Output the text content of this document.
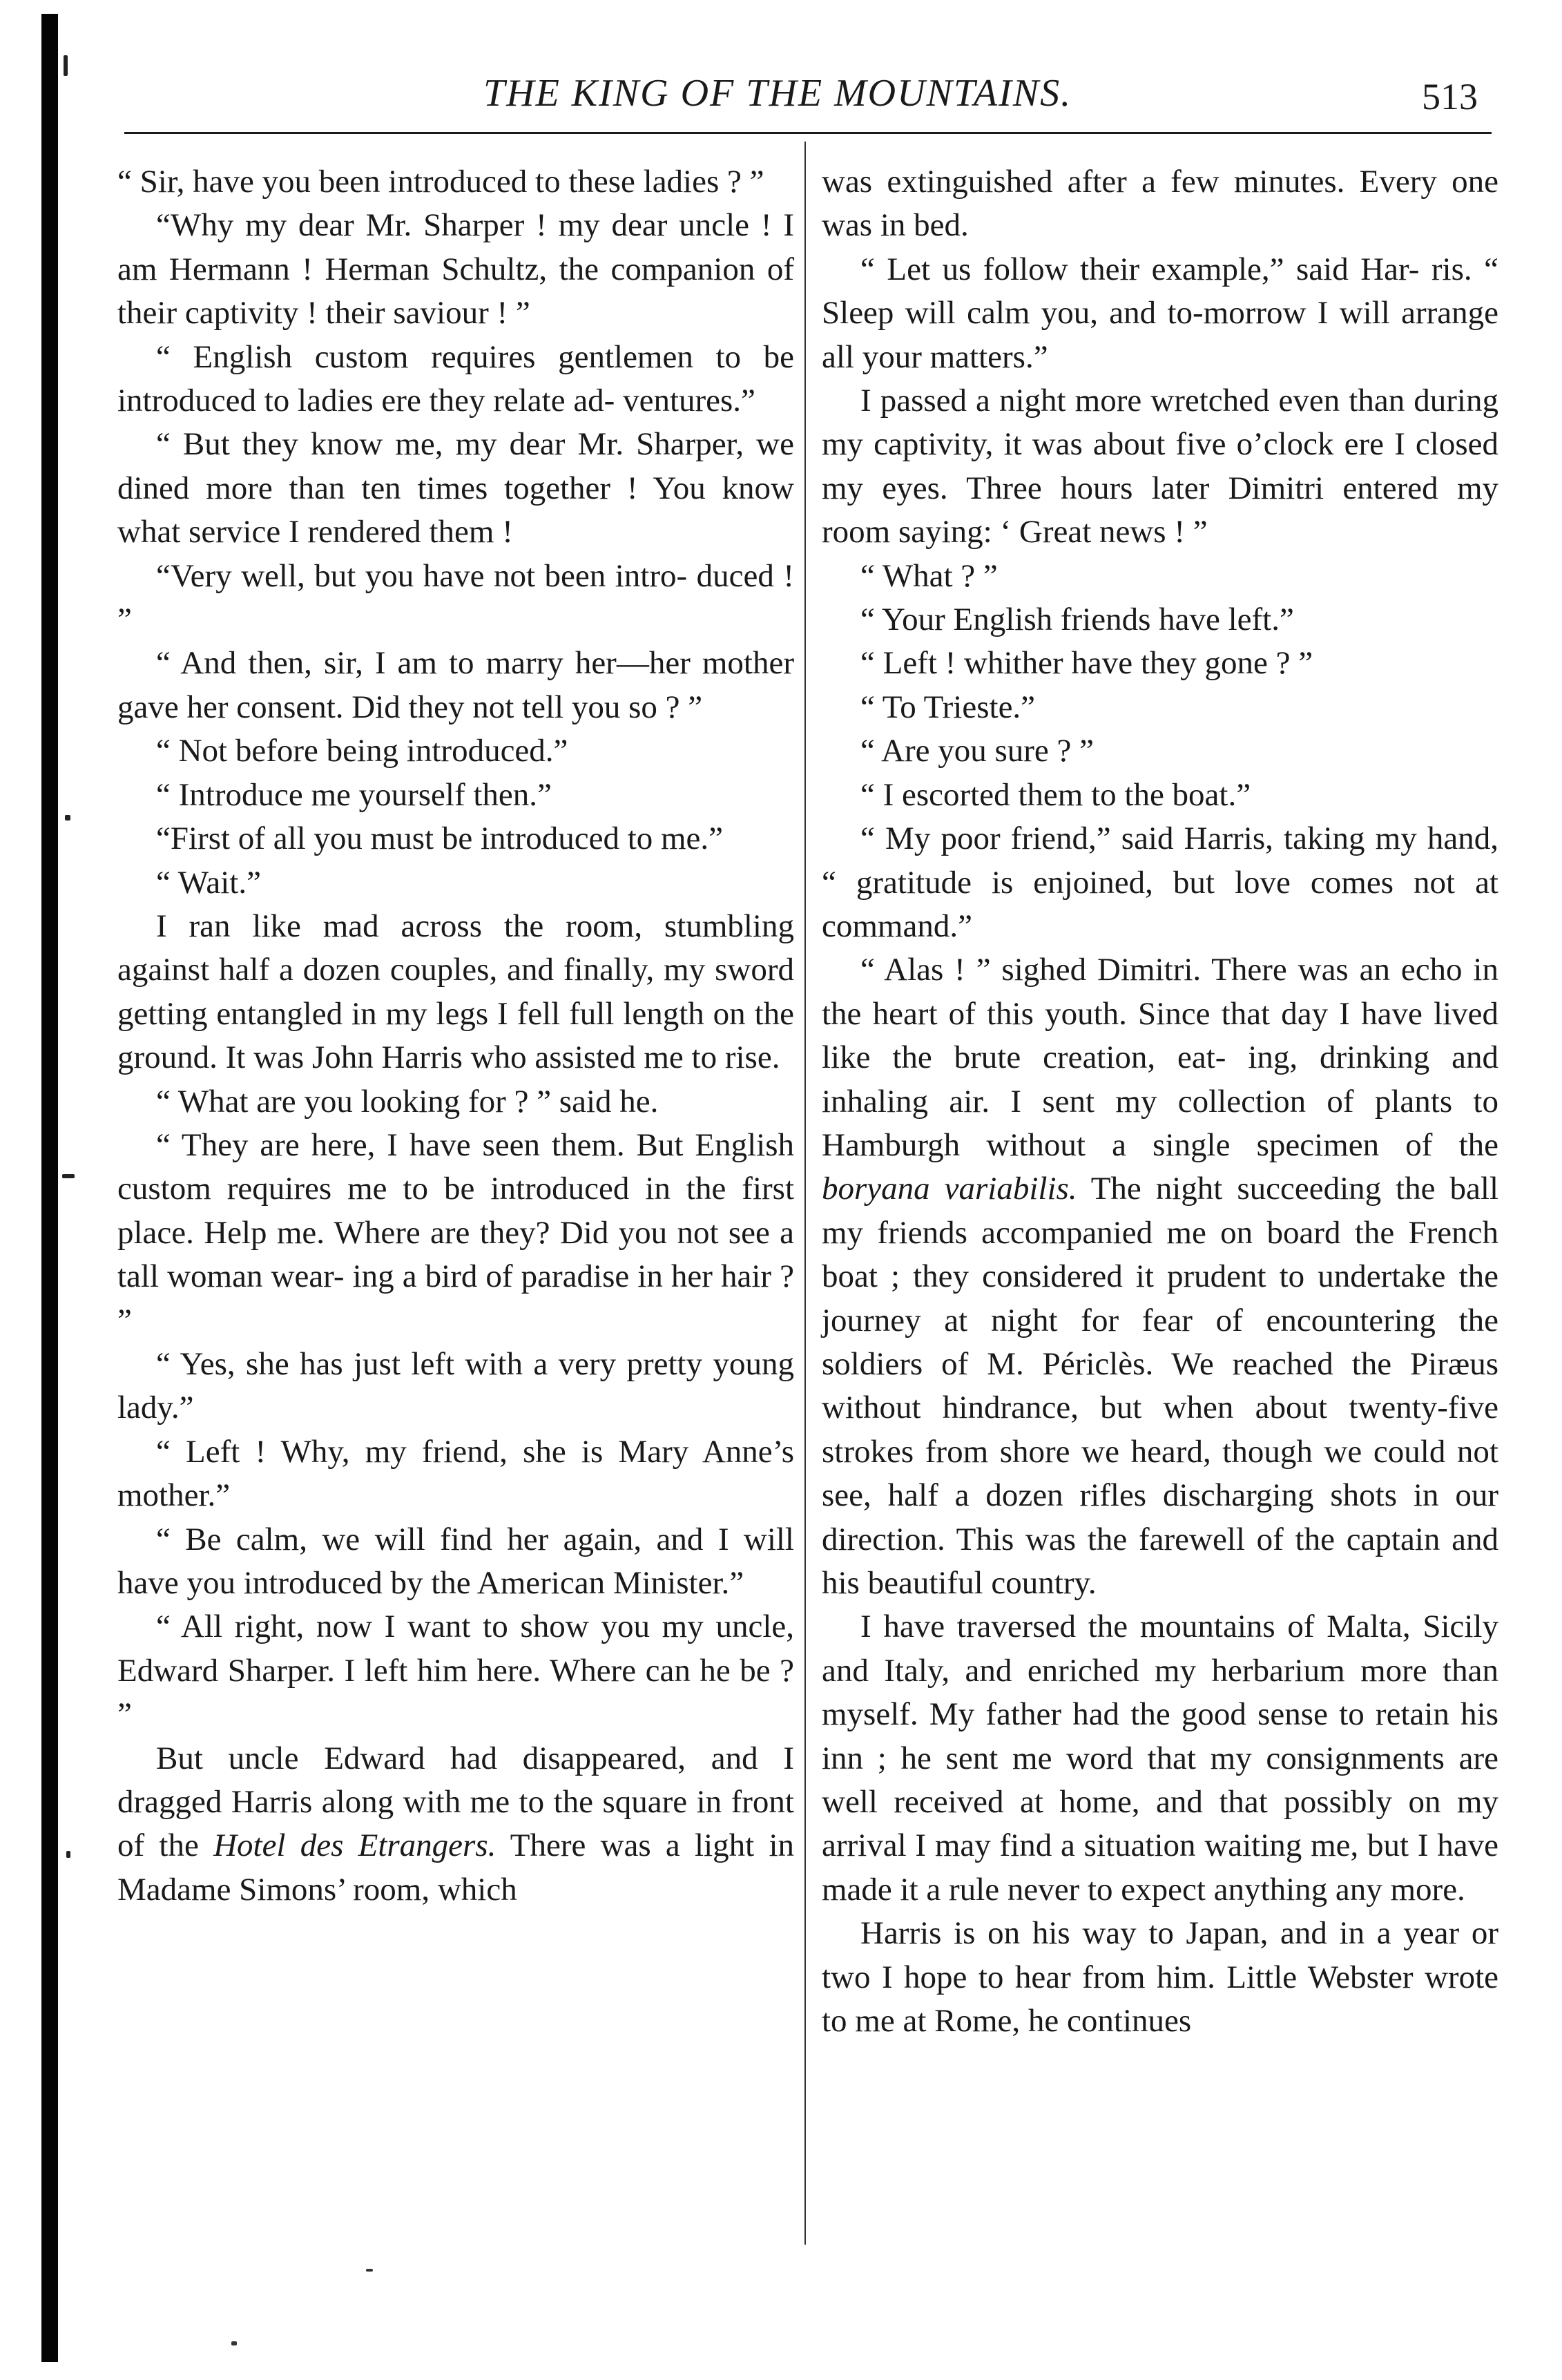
THE KING OF THE MOUNTAINS.	513

“ Sir, have you been introduced to these ladies ? ”

“Why my dear Mr. Sharper ! my dear uncle ! I am Hermann ! Herman Schultz, the companion of their captivity ! their saviour ! ”

“ English custom requires gentlemen to be introduced to ladies ere they relate ad- ventures.”

“ But they know me, my dear Mr. Sharper, we dined more than ten times together ! You know what service I rendered them !

“Very well, but you have not been intro- duced ! ”

“ And then, sir, I am to marry her—her mother gave her consent. Did they not tell you so ? ”

“ Not before being introduced.”

“ Introduce me yourself then.”

“First of all you must be introduced to me.”

“ Wait.”

I ran like mad across the room, stumbling against half a dozen couples, and finally, my sword getting entangled in my legs I fell full length on the ground. It was John Harris who assisted me to rise.

“ What are you looking for ? ” said he.

“ They are here, I have seen them. But English custom requires me to be introduced in the first place. Help me. Where are they? Did you not see a tall woman wear- ing a bird of paradise in her hair ? ”

“ Yes, she has just left with a very pretty young lady.”

“ Left ! Why, my friend, she is Mary Anne’s mother.”

“ Be calm, we will find her again, and I will have you introduced by the American Minister.”

“ All right, now I want to show you my uncle, Edward Sharper. I left him here. Where can he be ? ”

But uncle Edward had disappeared, and I dragged Harris along with me to the square in front of the Hotel des Etrangers. There was a light in Madame Simons’ room, which

was extinguished after a few minutes. Every one was in bed.

“ Let us follow their example,” said Har- ris. “ Sleep will calm you, and to-morrow I will arrange all your matters.”

I passed a night more wretched even than during my captivity, it was about five o’clock ere I closed my eyes. Three hours later Dimitri entered my room saying: ‘ Great news ! ”

“ What ? ”

“ Your English friends have left.”

“ Left ! whither have they gone ? ”

“ To Trieste.”

“ Are you sure ? ”

“ I escorted them to the boat.”

“ My poor friend,” said Harris, taking my hand, “ gratitude is enjoined, but love comes not at command.”

“ Alas ! ” sighed Dimitri. There was an echo in the heart of this youth. Since that day I have lived like the brute creation, eat- ing, drinking and inhaling air. I sent my collection of plants to Hamburgh without a single specimen of the boryana variabilis. The night succeeding the ball my friends accompanied me on board the French boat ; they considered it prudent to undertake the journey at night for fear of encountering the soldiers of M. Périclès. We reached the Piræus without hindrance, but when about twenty-five strokes from shore we heard, though we could not see, half a dozen rifles discharging shots in our direction. This was the farewell of the captain and his beautiful country.

I have traversed the mountains of Malta, Sicily and Italy, and enriched my herbarium more than myself. My father had the good sense to retain his inn ; he sent me word that my consignments are well received at home, and that possibly on my arrival I may find a situation waiting me, but I have made it a rule never to expect anything any more.

Harris is on his way to Japan, and in a year or two I hope to hear from him. Little Webster wrote to me at Rome, he continues
